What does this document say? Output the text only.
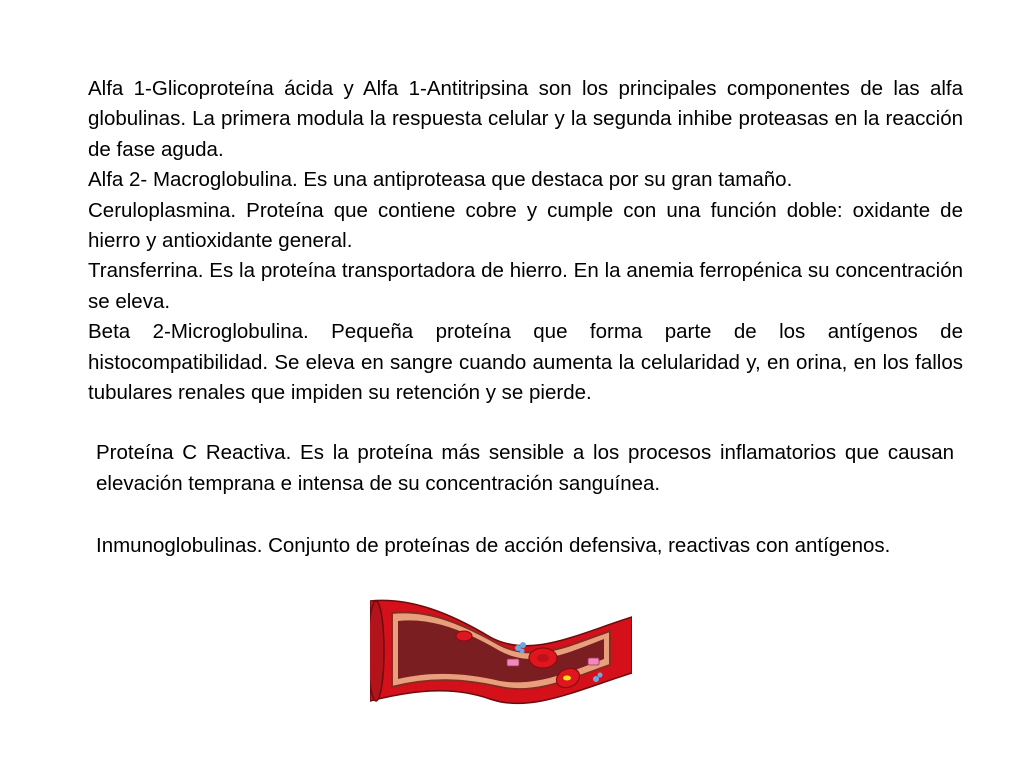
Alfa 1-Glicoproteína ácida y Alfa 1-Antitripsina son los principales componentes de las alfa globulinas. La primera modula la respuesta celular y la segunda inhibe proteasas en la reacción de fase aguda.

Alfa 2- Macroglobulina. Es una antiproteasa que destaca por su gran tamaño.

Ceruloplasmina. Proteína que contiene cobre y cumple con una función doble: oxidante de hierro y antioxidante general.

Transferrina. Es la proteína transportadora de hierro. En la anemia ferropénica su concentración se eleva.

Beta 2-Microglobulina. Pequeña proteína que forma parte de los antígenos de histocompatibilidad. Se eleva en sangre cuando aumenta la celularidad y, en orina, en los fallos tubulares renales que impiden su retención y se pierde.

Proteína C Reactiva. Es la proteína más sensible a los procesos inflamatorios que causan elevación temprana e intensa de su concentración sanguínea.

Inmunoglobulinas. Conjunto de proteínas de acción defensiva, reactivas con antígenos.
